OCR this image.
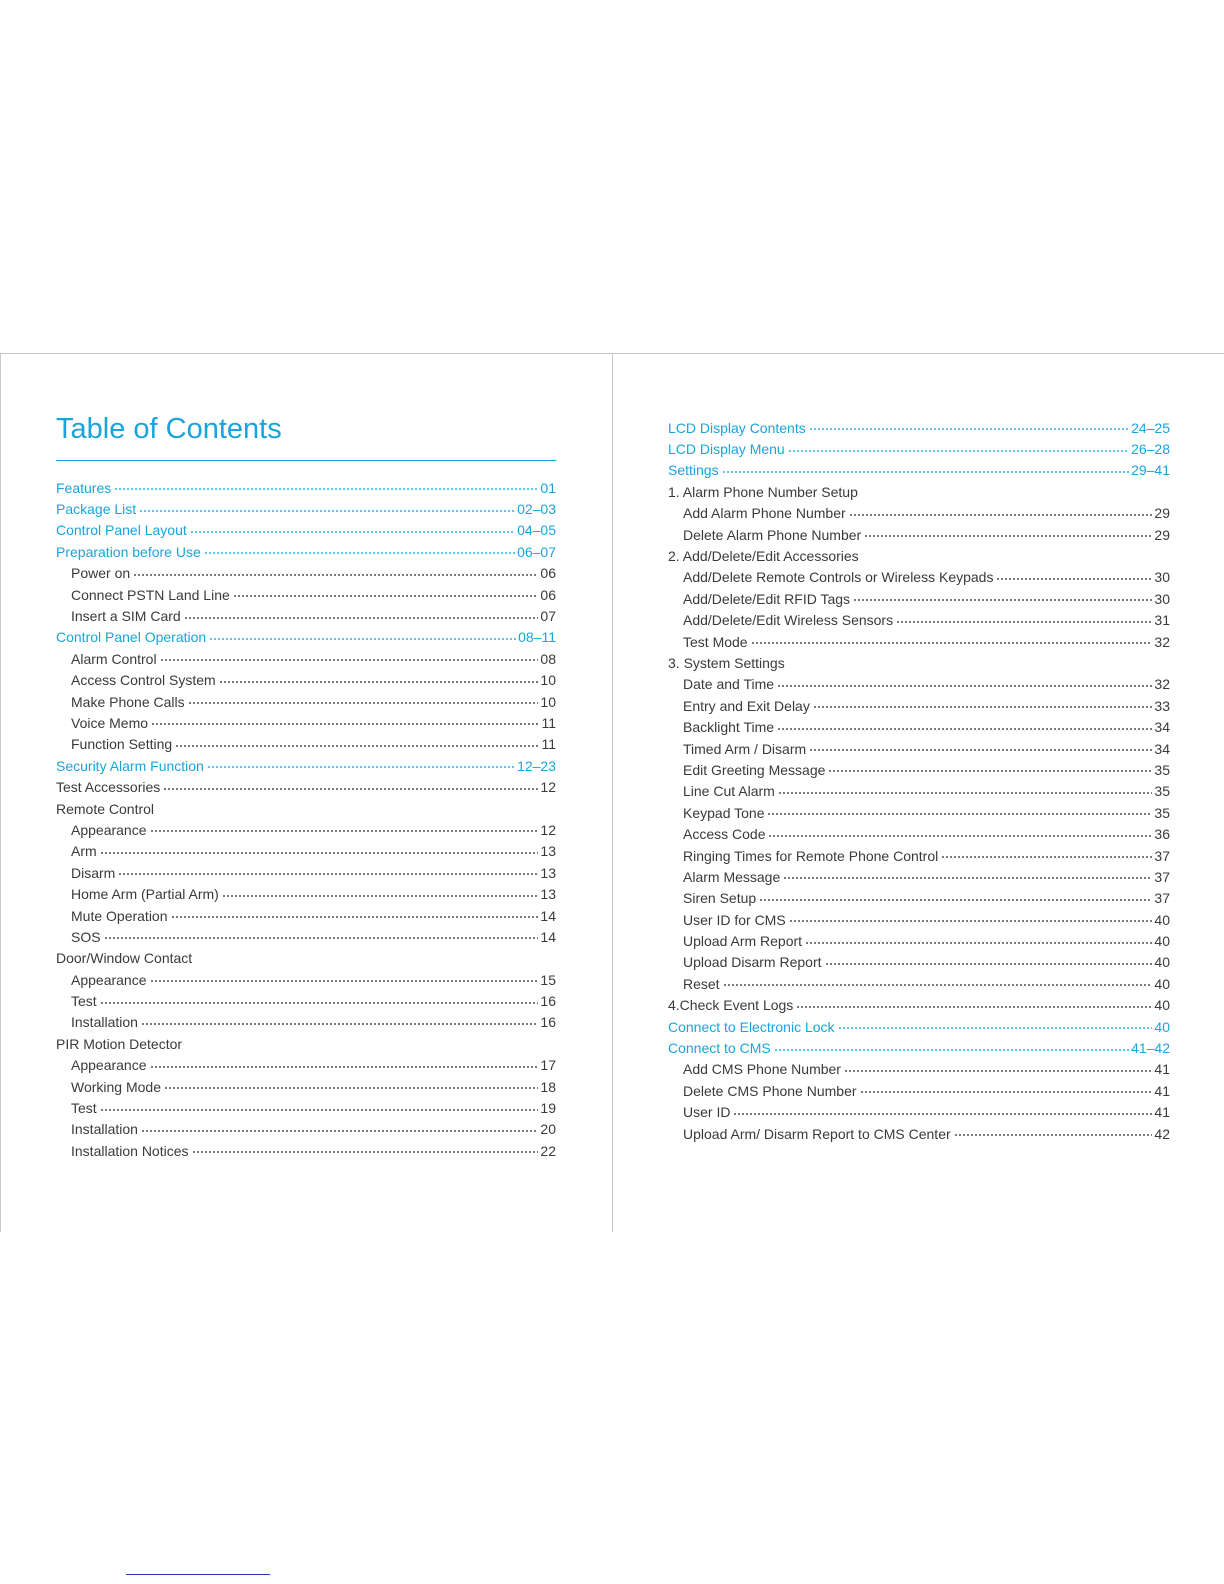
Table of Contents
Features	01
Package List	02–03
Control Panel Layout	04–05
Preparation before Use	06–07
Power on	06
Connect PSTN Land Line	06
Insert a SIM Card	07
Control Panel Operation	08–11
Alarm Control	08
Access Control System	10
Make Phone Calls	10
Voice Memo	11
Function Setting	11
Security Alarm Function	12–23
Test Accessories	12
Remote Control
Appearance	12
Arm	13
Disarm	13
Home Arm (Partial Arm)	13
Mute Operation	14
SOS	14
Door/Window Contact
Appearance	15
Test	16
Installation	16
PIR Motion Detector
Appearance	17
Working Mode	18
Test	19
Installation	20
Installation Notices	22
LCD Display Contents	24–25
LCD Display Menu	26–28
Settings	29–41
1. Alarm Phone Number Setup
Add Alarm Phone Number	29
Delete Alarm Phone Number	29
2. Add/Delete/Edit Accessories
Add/Delete Remote Controls or Wireless Keypads	30
Add/Delete/Edit RFID Tags	30
Add/Delete/Edit Wireless Sensors	31
Test Mode	32
3. System Settings
Date and Time	32
Entry and Exit Delay	33
Backlight Time	34
Timed Arm / Disarm	34
Edit Greeting Message	35
Line Cut Alarm	35
Keypad Tone	35
Access Code	36
Ringing Times for Remote Phone Control	37
Alarm Message	37
Siren Setup	37
User ID for CMS	40
Upload Arm Report	40
Upload Disarm Report	40
Reset	40
4.Check Event Logs	40
Connect to Electronic Lock	40
Connect to CMS	41–42
Add CMS Phone Number	41
Delete CMS Phone Number	41
User ID	41
Upload Arm/ Disarm Report to CMS Center	42
